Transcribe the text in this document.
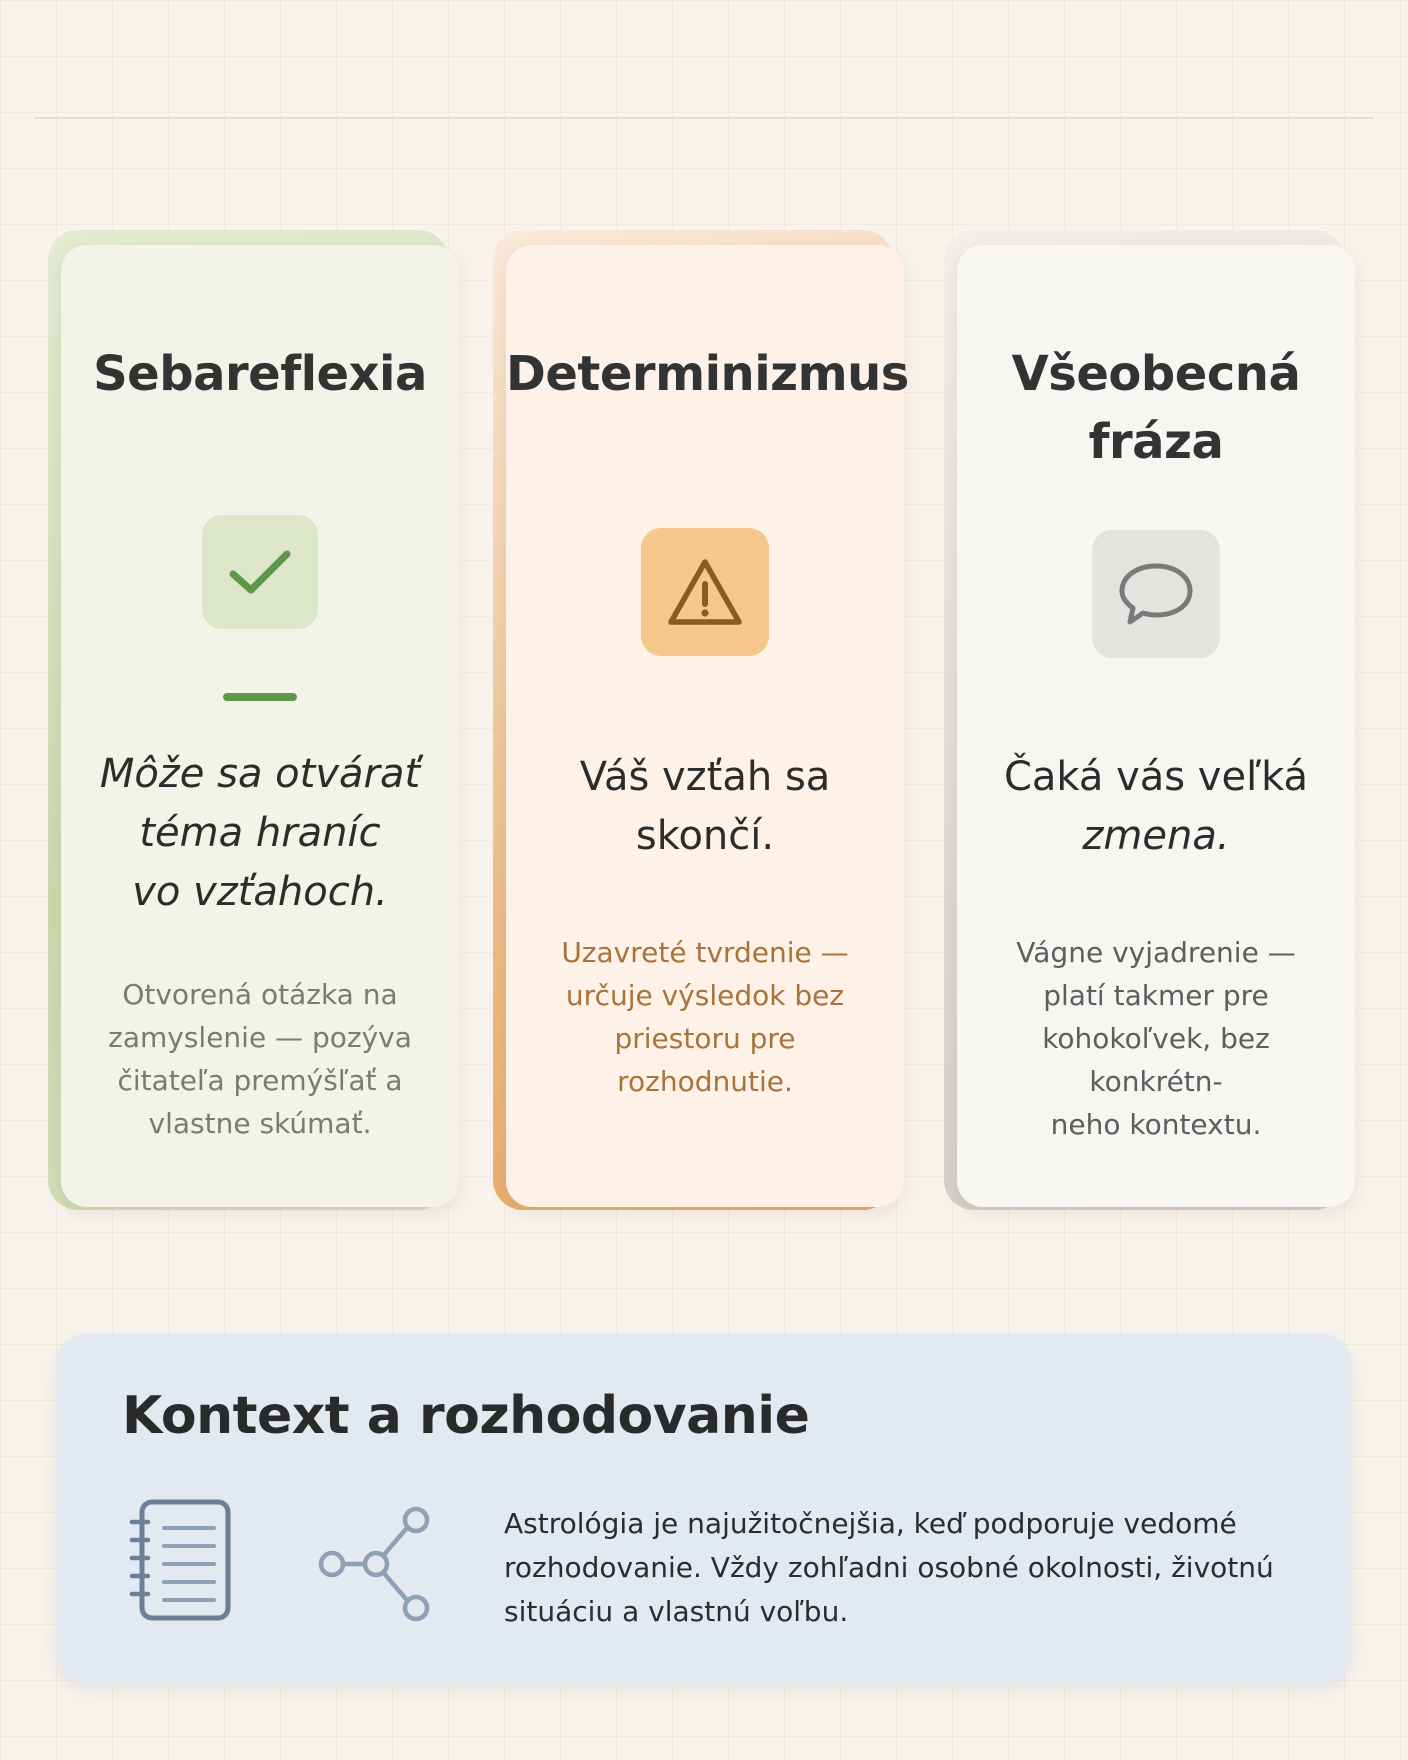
Sebareflexia
Môže sa otvárať
téma hraníc
vo vzťahoch.
Otvorená otázka na
zamyslenie — pozýva
čitateľa premýšľať a
vlastne skúmať.
Determinizmus
Váš vzťah sa
skončí.
Uzavreté tvrdenie —
určuje výsledok bez
priestoru pre
rozhodnutie.
Všeobecná
fráza
Čaká vás veľká
zmena.
Vágne vyjadrenie —
platí takmer pre
kohokoľvek, bez konkrétn-
neho kontextu.
Kontext a rozhodovanie
Astrológia je najužitočnejšia, keď podporuje vedomé
rozhodovanie. Vždy zohľadni osobné okolnosti, životnú
situáciu a vlastnú voľbu.
